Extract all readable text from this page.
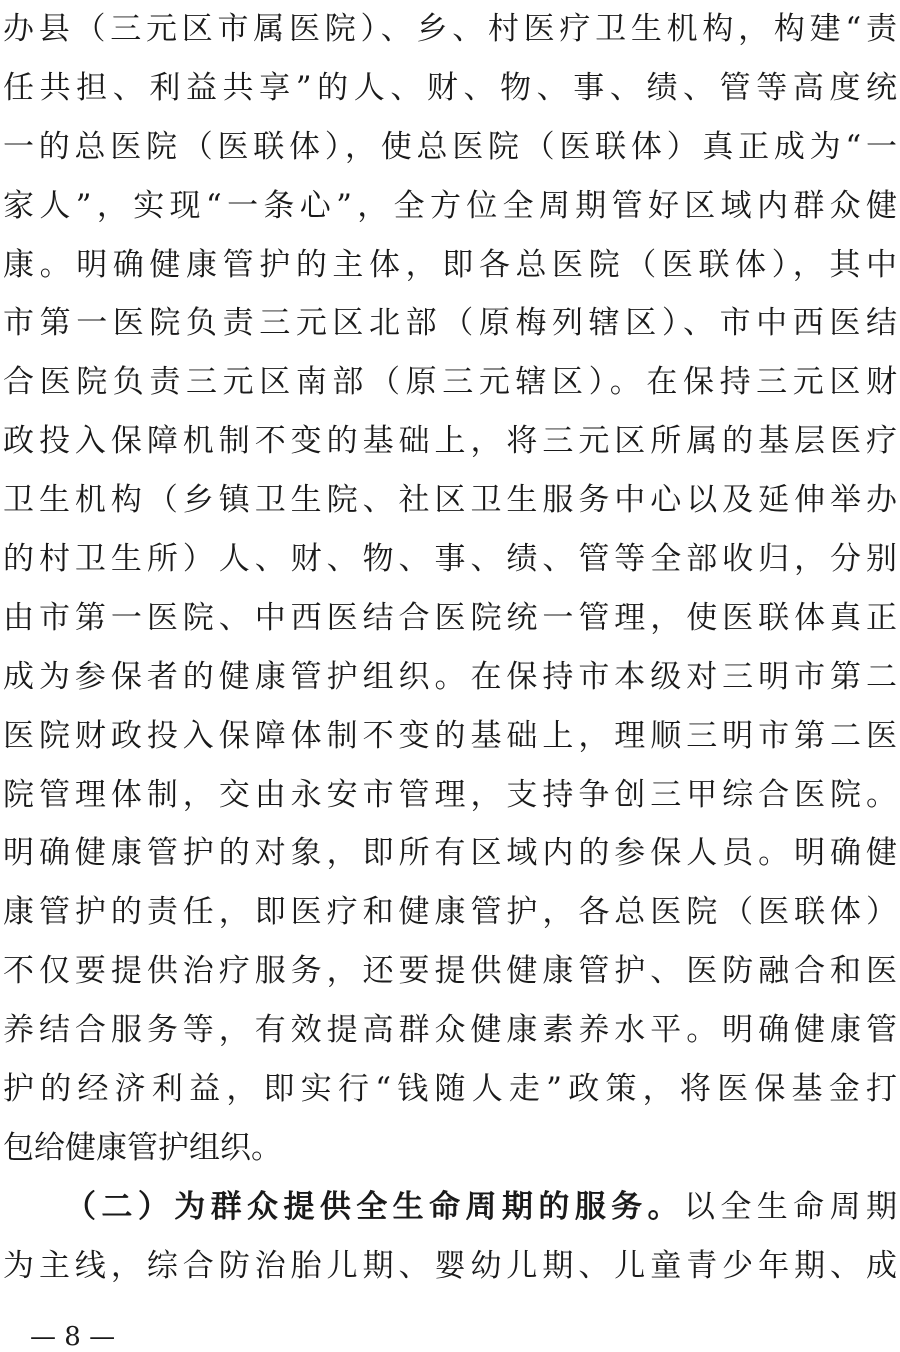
办县（三元区市属医院）、乡、村医疗卫生机构，构建“责
任共担、利益共享”的人、财、物、事、绩、管等高度统
一的总医院（医联体），使总医院（医联体）真正成为“一
家人”，实现“一条心”，全方位全周期管好区域内群众健
康。明确健康管护的主体，即各总医院（医联体），其中
市第一医院负责三元区北部（原梅列辖区）、市中西医结
合医院负责三元区南部（原三元辖区）。在保持三元区财
政投入保障机制不变的基础上，将三元区所属的基层医疗
卫生机构（乡镇卫生院、社区卫生服务中心以及延伸举办
的村卫生所）人、财、物、事、绩、管等全部收归，分别
由市第一医院、中西医结合医院统一管理，使医联体真正
成为参保者的健康管护组织。在保持市本级对三明市第二
医院财政投入保障体制不变的基础上，理顺三明市第二医
院管理体制，交由永安市管理，支持争创三甲综合医院。
明确健康管护的对象，即所有区域内的参保人员。明确健
康管护的责任，即医疗和健康管护，各总医院（医联体）
不仅要提供治疗服务，还要提供健康管护、医防融合和医
养结合服务等，有效提高群众健康素养水平。明确健康管
护的经济利益，即实行“钱随人走”政策，将医保基金打
包给健康管护组织。
（二）为群众提供全生命周期的服务。以全生命周期
为主线，综合防治胎儿期、婴幼儿期、儿童青少年期、成
— 8 —
